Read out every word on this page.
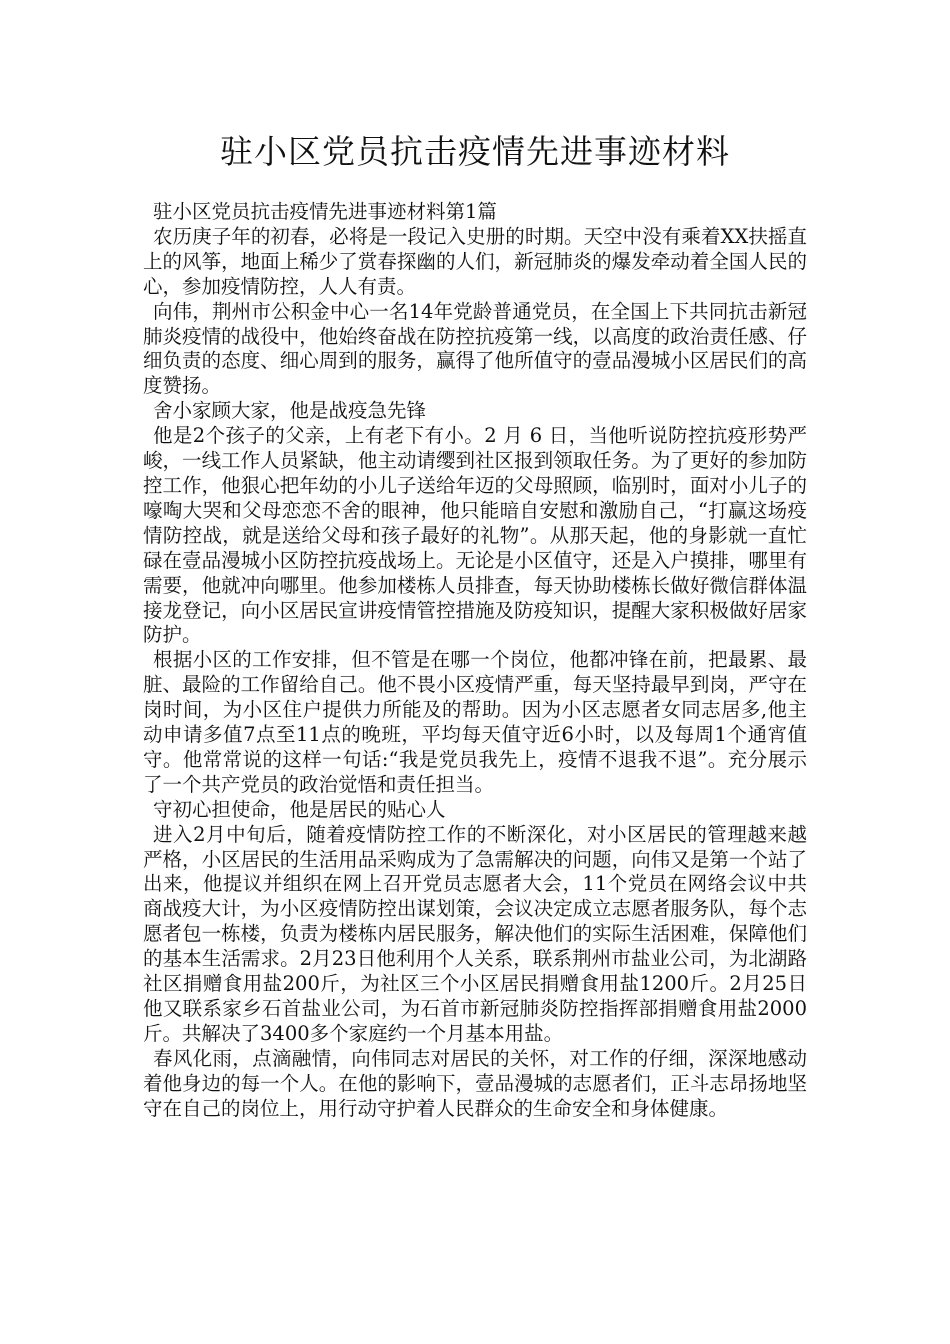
驻小区党员抗击疫情先进事迹材料

驻小区党员抗击疫情先进事迹材料第1篇

农历庚子年的初春，必将是一段记入史册的时期。天空中没有乘着XX扶摇直上的风筝，地面上稀少了赏春探幽的人们，新冠肺炎的爆发牵动着全国人民的心，参加疫情防控，人人有责。

向伟，荆州市公积金中心一名14年党龄普通党员，在全国上下共同抗击新冠肺炎疫情的战役中，他始终奋战在防控抗疫第一线，以高度的政治责任感、仔细负责的态度、细心周到的服务，赢得了他所值守的壹品漫城小区居民们的高度赞扬。

舍小家顾大家，他是战疫急先锋

他是2个孩子的父亲，上有老下有小。2 月 6 日，当他听说防控抗疫形势严峻，一线工作人员紧缺，他主动请缨到社区报到领取任务。为了更好的参加防控工作，他狠心把年幼的小儿子送给年迈的父母照顾，临别时，面对小儿子的嚎啕大哭和父母恋恋不舍的眼神，他只能暗自安慰和激励自己，“打赢这场疫情防控战，就是送给父母和孩子最好的礼物”。从那天起，他的身影就一直忙碌在壹品漫城小区防控抗疫战场上。无论是小区值守，还是入户摸排，哪里有需要，他就冲向哪里。他参加楼栋人员排查，每天协助楼栋长做好微信群体温接龙登记，向小区居民宣讲疫情管控措施及防疫知识，提醒大家积极做好居家防护。

根据小区的工作安排，但不管是在哪一个岗位，他都冲锋在前，把最累、最脏、最险的工作留给自己。他不畏小区疫情严重，每天坚持最早到岗，严守在岗时间，为小区住户提供力所能及的帮助。因为小区志愿者女同志居多,他主动申请多值7点至11点的晚班，平均每天值守近6小时，以及每周1个通宵值守。他常常说的这样一句话:“我是党员我先上，疫情不退我不退”。充分展示了一个共产党员的政治觉悟和责任担当。

守初心担使命，他是居民的贴心人

进入2月中旬后，随着疫情防控工作的不断深化，对小区居民的管理越来越严格，小区居民的生活用品采购成为了急需解决的问题，向伟又是第一个站了出来，他提议并组织在网上召开党员志愿者大会，11个党员在网络会议中共商战疫大计，为小区疫情防控出谋划策，会议决定成立志愿者服务队，每个志愿者包一栋楼，负责为楼栋内居民服务，解决他们的实际生活困难，保障他们的基本生活需求。2月23日他利用个人关系，联系荆州市盐业公司，为北湖路社区捐赠食用盐200斤，为社区三个小区居民捐赠食用盐1200斤。2月25日他又联系家乡石首盐业公司，为石首市新冠肺炎防控指挥部捐赠食用盐2000斤。共解决了3400多个家庭约一个月基本用盐。

春风化雨，点滴融情，向伟同志对居民的关怀，对工作的仔细，深深地感动着他身边的每一个人。在他的影响下，壹品漫城的志愿者们，正斗志昂扬地坚守在自己的岗位上，用行动守护着人民群众的生命安全和身体健康。
